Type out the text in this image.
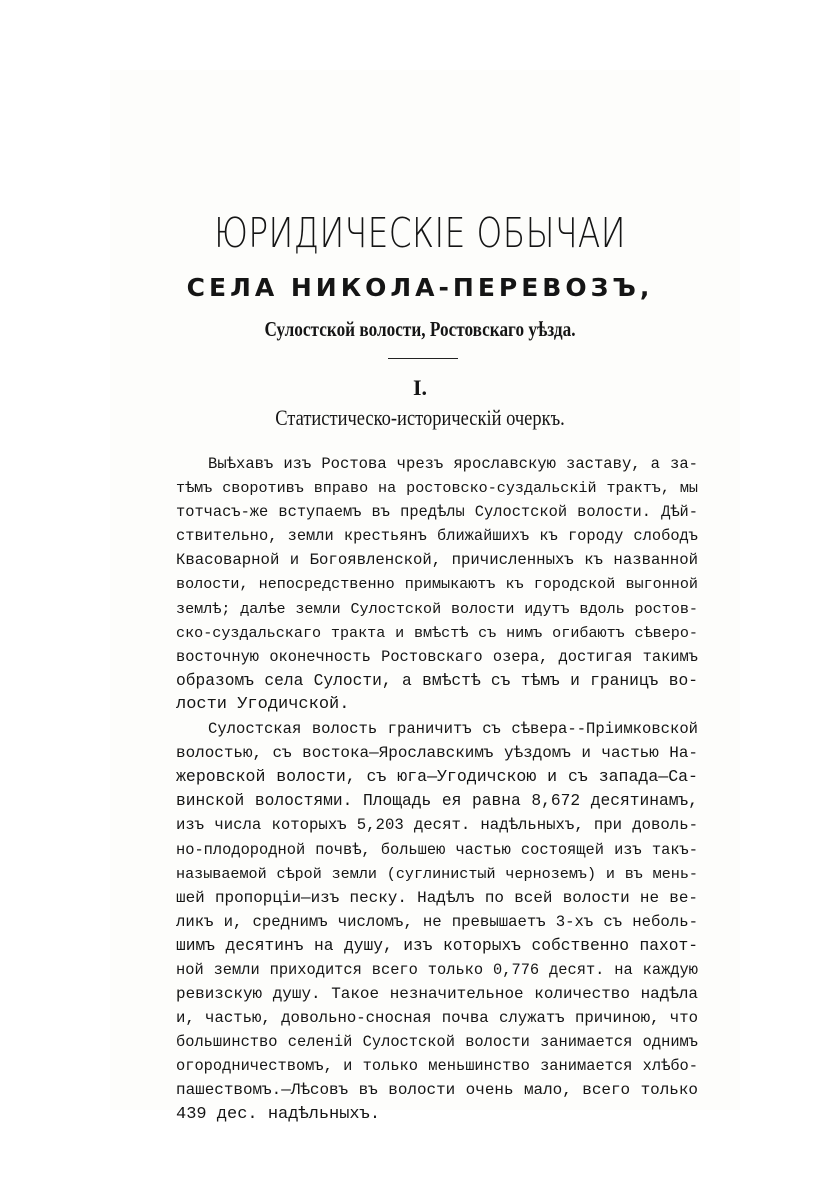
ЮРИДИЧЕСКІЕ ОБЫЧАИ
СЕЛА НИКОЛА-ПЕРЕВОЗЪ,
Сулостской волости, Ростовскаго уѣзда.
I.
Статистическо-историческій очеркъ.
Выѣхавъ изъ Ростова чрезъ ярославскую заставу, а за-
тѣмъ своротивъ вправо на ростовско-суздальскій трактъ, мы
тотчасъ-же вступаемъ въ предѣлы Сулостской волости. Дѣй-
ствительно, земли крестьянъ ближайшихъ къ городу слободъ
Квасоварной и Богоявленской, причисленныхъ къ названной
волости, непосредственно примыкаютъ къ городской выгонной
землѣ; далѣе земли Сулостской волости идутъ вдоль ростов-
ско-суздальскаго тракта и вмѣстѣ съ нимъ огибаютъ сѣверо-
восточную оконечность Ростовскаго озера, достигая такимъ
образомъ села Сулости, а вмѣстѣ съ тѣмъ и границъ во-
лости Угодичской.
Сулостская волость граничитъ съ сѣвера--Пріимковской
волостью, съ востока—Ярославскимъ уѣздомъ и частью На-
жеровской волости, съ юга—Угодичскою и съ запада—Са-
винской волостями. Площадь ея равна 8,672 десятинамъ,
изъ числа которыхъ 5,203 десят. надѣльныхъ, при доволь-
но-плодородной почвѣ, большею частью состоящей изъ такъ-
называемой сѣрой земли (суглинистый черноземъ) и въ мень-
шей пропорціи—изъ песку. Надѣлъ по всей волости не ве-
ликъ и, среднимъ числомъ, не превышаетъ 3-хъ съ неболь-
шимъ десятинъ на душу, изъ которыхъ собственно пахот-
ной земли приходится всего только 0,776 десят. на каждую
ревизскую душу. Такое незначительное количество надѣла
и, частью, довольно-сносная почва служатъ причиною, что
большинство селеній Сулостской волости занимается однимъ
огородничествомъ, и только меньшинство занимается хлѣбо-
пашествомъ.—Лѣсовъ въ волости очень мало, всего только
439 дес. надѣльныхъ.
